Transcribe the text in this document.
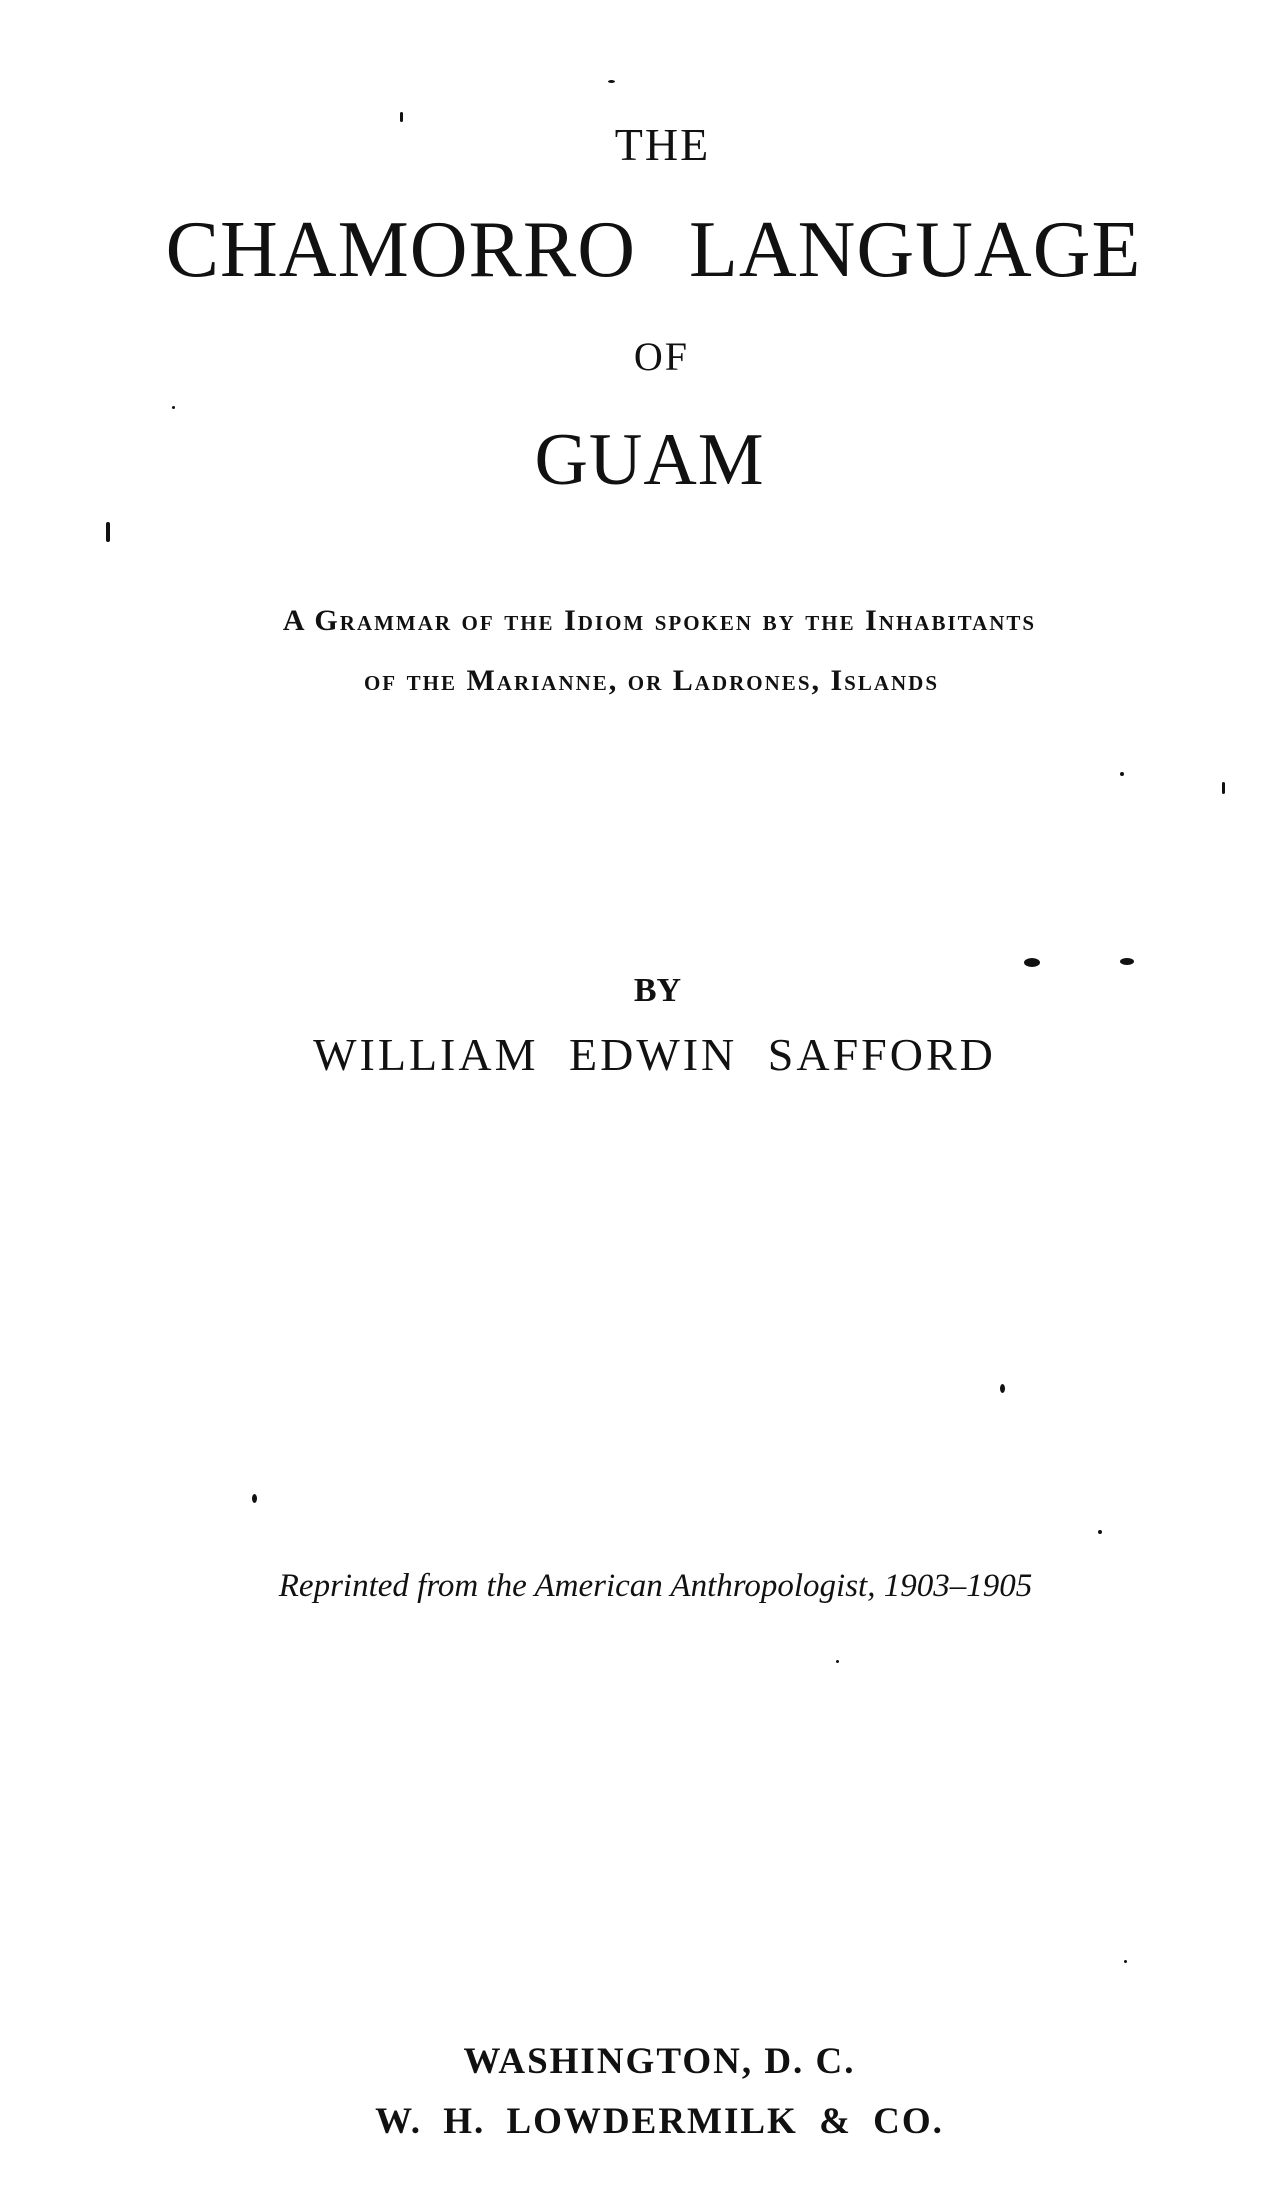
THE
CHAMORRO LANGUAGE
OF
GUAM
A Grammar of the Idiom spoken by the Inhabitants
of the Marianne, or Ladrones, Islands
BY
WILLIAM EDWIN SAFFORD
Reprinted from the American Anthropologist, 1903–1905
WASHINGTON, D. C.
W. H. LOWDERMILK & CO.
